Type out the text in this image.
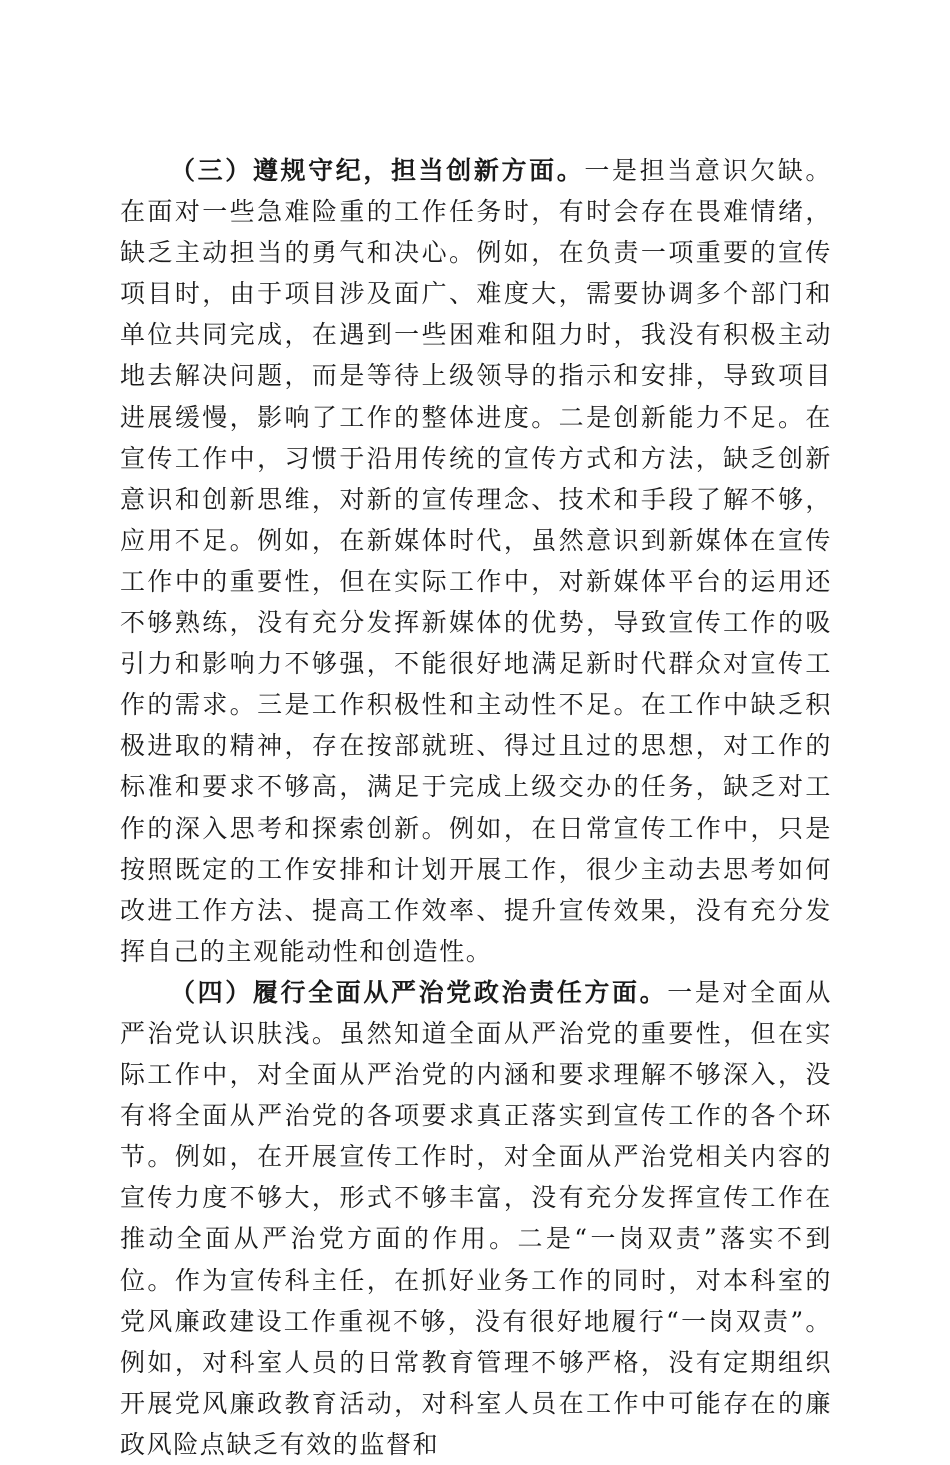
（三）遵规守纪，担当创新方面。一是担当意识欠缺。在面对一些急难险重的工作任务时，有时会存在畏难情绪，缺乏主动担当的勇气和决心。例如，在负责一项重要的宣传项目时，由于项目涉及面广、难度大，需要协调多个部门和单位共同完成，在遇到一些困难和阻力时，我没有积极主动地去解决问题，而是等待上级领导的指示和安排，导致项目进展缓慢，影响了工作的整体进度。二是创新能力不足。在宣传工作中，习惯于沿用传统的宣传方式和方法，缺乏创新意识和创新思维，对新的宣传理念、技术和手段了解不够，应用不足。例如，在新媒体时代，虽然意识到新媒体在宣传工作中的重要性，但在实际工作中，对新媒体平台的运用还不够熟练，没有充分发挥新媒体的优势，导致宣传工作的吸引力和影响力不够强，不能很好地满足新时代群众对宣传工作的需求。三是工作积极性和主动性不足。在工作中缺乏积极进取的精神，存在按部就班、得过且过的思想，对工作的标准和要求不够高，满足于完成上级交办的任务，缺乏对工作的深入思考和探索创新。例如，在日常宣传工作中，只是按照既定的工作安排和计划开展工作，很少主动去思考如何改进工作方法、提高工作效率、提升宣传效果，没有充分发挥自己的主观能动性和创造性。

（四）履行全面从严治党政治责任方面。一是对全面从严治党认识肤浅。虽然知道全面从严治党的重要性，但在实际工作中，对全面从严治党的内涵和要求理解不够深入，没有将全面从严治党的各项要求真正落实到宣传工作的各个环节。例如，在开展宣传工作时，对全面从严治党相关内容的宣传力度不够大，形式不够丰富，没有充分发挥宣传工作在推动全面从严治党方面的作用。二是“一岗双责”落实不到位。作为宣传科主任，在抓好业务工作的同时，对本科室的党风廉政建设工作重视不够，没有很好地履行“一岗双责”。例如，对科室人员的日常教育管理不够严格，没有定期组织开展党风廉政教育活动，对科室人员在工作中可能存在的廉政风险点缺乏有效的监督和
